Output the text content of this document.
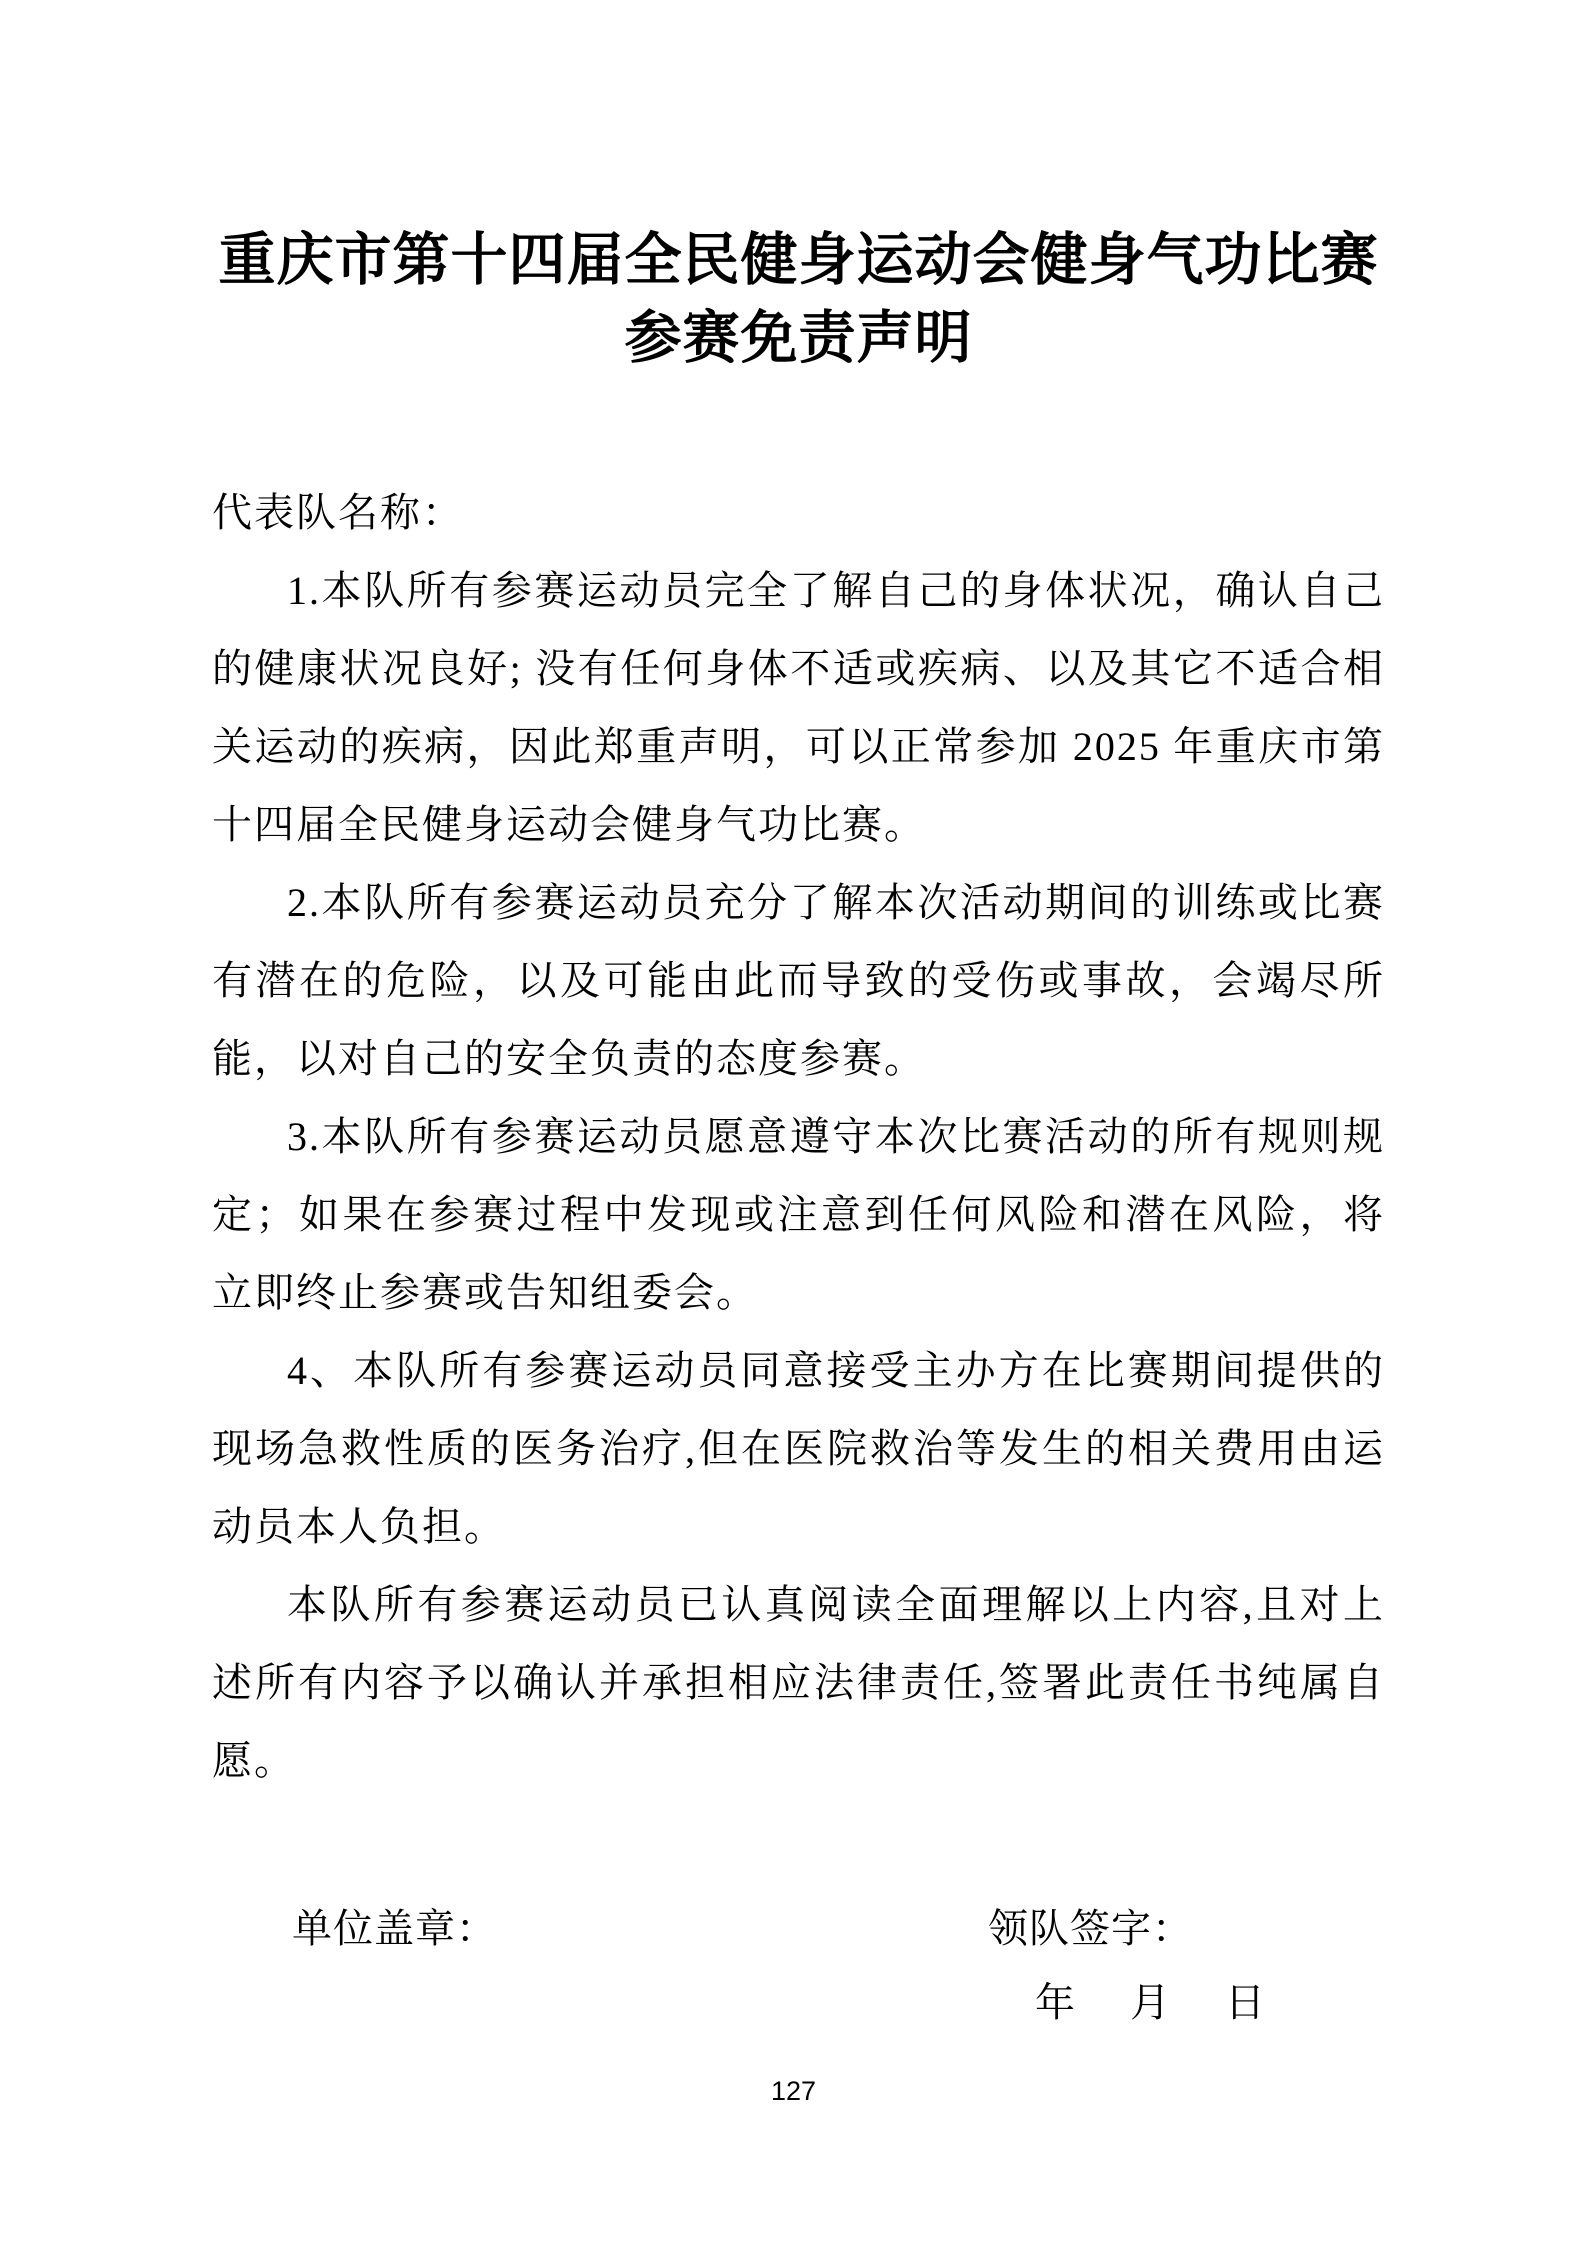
重庆市第十四届全民健身运动会健身气功比赛
参赛免责声明

代表队名称：

1.本队所有参赛运动员完全了解自己的身体状况，确认自己的健康状况良好; 没有任何身体不适或疾病、以及其它不适合相关运动的疾病，因此郑重声明，可以正常参加 2025 年重庆市第十四届全民健身运动会健身气功比赛。

2.本队所有参赛运动员充分了解本次活动期间的训练或比赛有潜在的危险，以及可能由此而导致的受伤或事故，会竭尽所能，以对自己的安全负责的态度参赛。

3.本队所有参赛运动员愿意遵守本次比赛活动的所有规则规定；如果在参赛过程中发现或注意到任何风险和潜在风险，将立即终止参赛或告知组委会。

4、本队所有参赛运动员同意接受主办方在比赛期间提供的现场急救性质的医务治疗,但在医院救治等发生的相关费用由运动员本人负担。

本队所有参赛运动员已认真阅读全面理解以上内容,且对上述所有内容予以确认并承担相应法律责任,签署此责任书纯属自愿。

单位盖章：	领队签字：

年 月 日

127
